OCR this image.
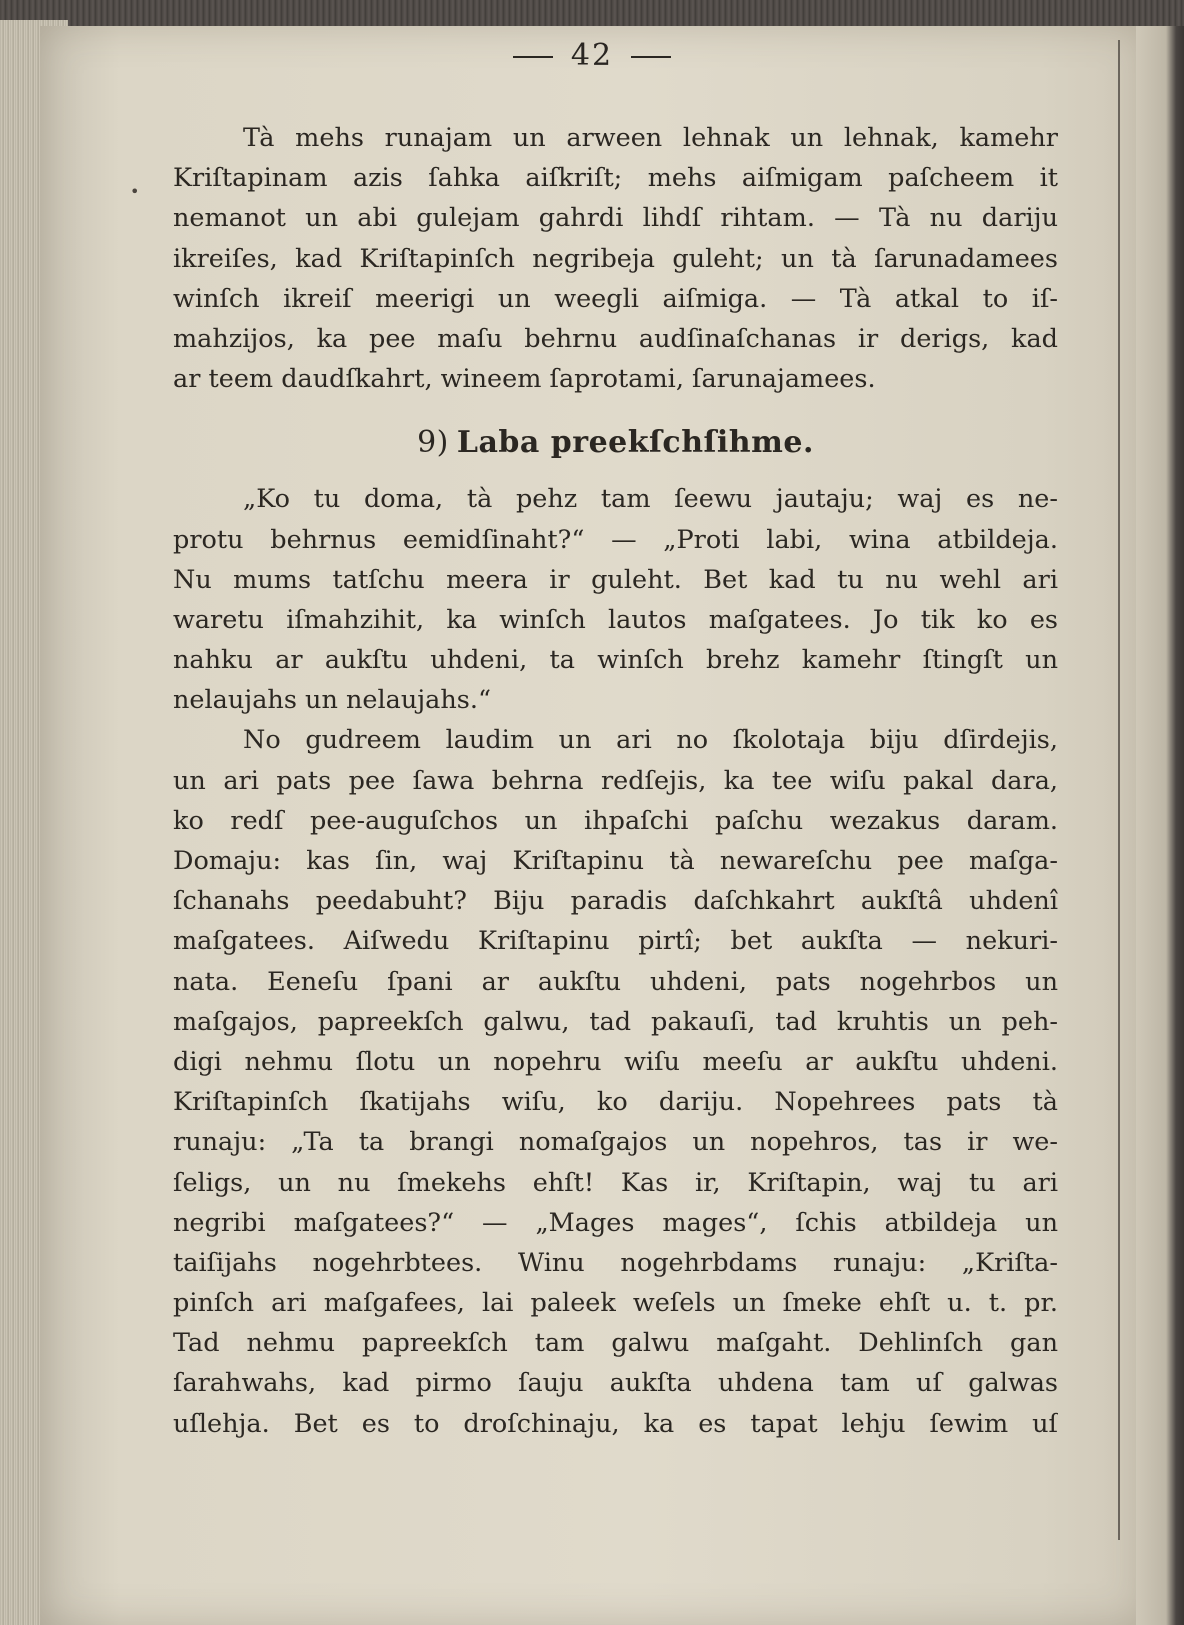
42
•
Tà mehs runajam un arween lehnak un lehnak, kamehr
Kriſtapinam azis ſahka aiſkriſt; mehs aiſmigam paſcheem it
nemanot un abi gulejam gahrdi lihdſ rihtam. — Tà nu dariju
ikreiſes, kad Kriſtapinſch negribeja guleht; un tà ſarunadamees
winſch ikreiſ meerigi un weegli aiſmiga. — Tà atkal to iſ-
mahzijos, ka pee maſu behrnu audſinaſchanas ir derigs, kad
ar teem daudſkahrt, wineem ſaprotami, ſarunajamees.
9) Laba preekſchſihme.
„Ko tu doma, tà pehz tam ſeewu jautaju; waj es ne-
protu behrnus eemidſinaht?“ — „Proti labi, wina atbildeja.
Nu mums tatſchu meera ir guleht. Bet kad tu nu wehl ari
waretu iſmahzihit, ka winſch lautos maſgatees. Jo tik ko es
nahku ar aukſtu uhdeni, ta winſch brehz kamehr ſtingſt un
nelaujahs un nelaujahs.“
No gudreem laudim un ari no ſkolotaja biju dſirdejis,
un ari pats pee ſawa behrna redſejis, ka tee wiſu pakal dara,
ko redſ pee-auguſchos un ihpaſchi paſchu wezakus daram.
Domaju: kas ſin, waj Kriſtapinu tà newareſchu pee maſga-
ſchanahs peedabuht? Biju paradis daſchkahrt aukſtâ uhdenî
maſgatees. Aiſwedu Kriſtapinu pirtî; bet aukſta — nekuri-
nata. Eeneſu ſpani ar aukſtu uhdeni, pats nogehrbos un
maſgajos, papreekſch galwu, tad pakauſi, tad kruhtis un peh-
digi nehmu ſlotu un nopehru wiſu meeſu ar aukſtu uhdeni.
Kriſtapinſch ſkatijahs wiſu, ko dariju. Nopehrees pats tà
runaju: „Ta ta brangi nomaſgajos un nopehros, tas ir we-
ſeligs, un nu ſmekehs ehſt! Kas ir, Kriſtapin, waj tu ari
negribi maſgatees?“ — „Mages mages“, ſchis atbildeja un
taiſijahs nogehrbtees. Winu nogehrbdams runaju: „Kriſta-
pinſch ari maſgafees, lai paleek weſels un ſmeke ehſt u. t. pr.
Tad nehmu papreekſch tam galwu maſgaht. Dehlinſch gan
ſarahwahs, kad pirmo ſauju aukſta uhdena tam uſ galwas
uſlehja. Bet es to droſchinaju, ka es tapat lehju ſewim uſ
